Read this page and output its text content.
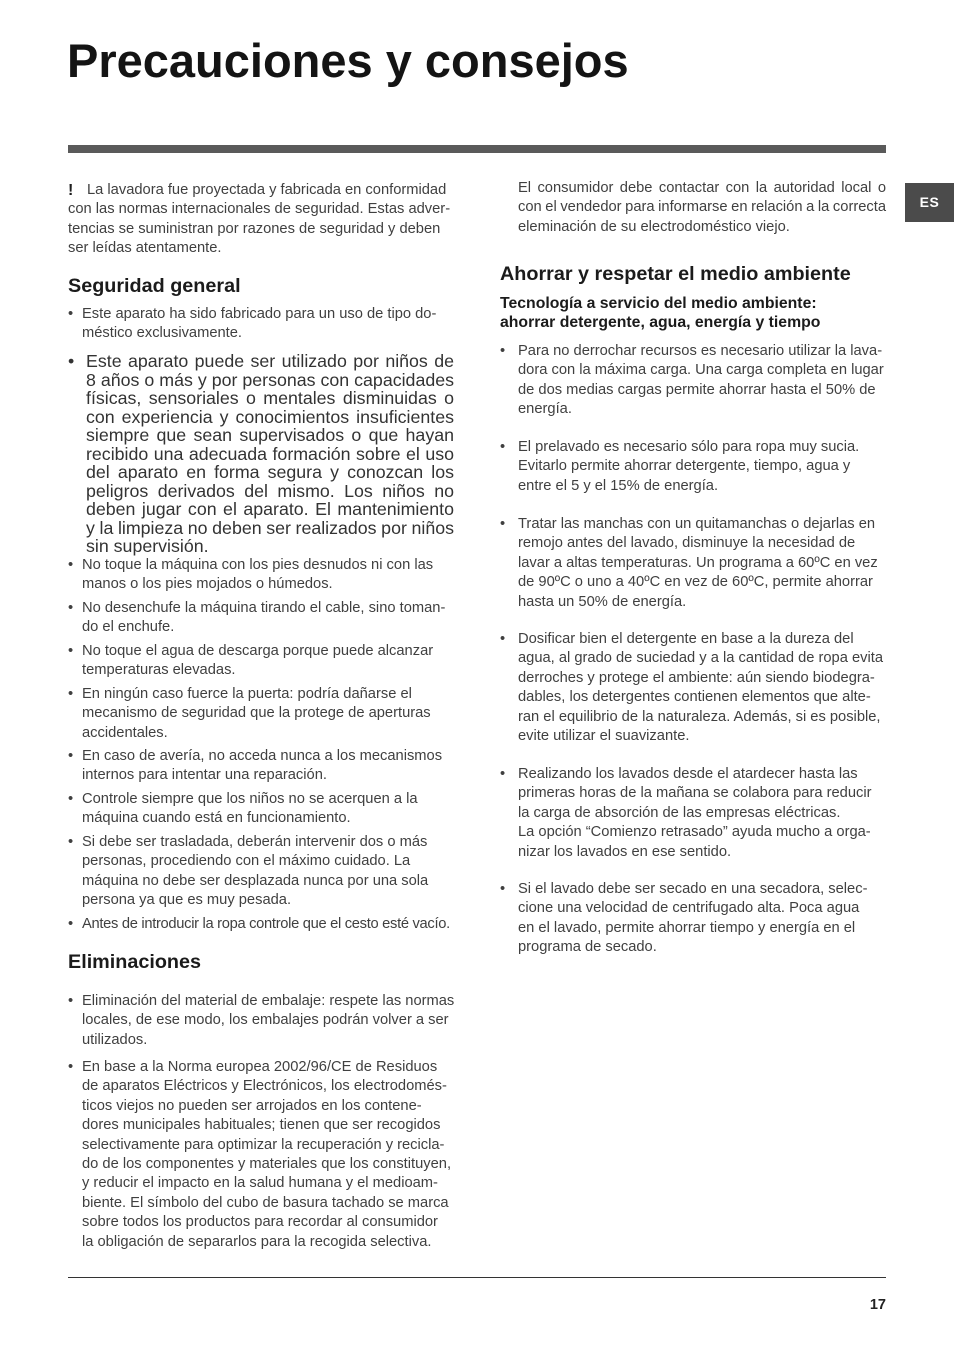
Precauciones y consejos
ES
! La lavadora fue proyectada y fabricada en conformidad
con las normas internacionales de seguridad. Estas adver-
tencias se suministran por razones de seguridad y deben
ser leídas atentamente.
Seguridad general
• Este aparato ha sido fabricado para un uso de tipo do-
méstico exclusivamente.
• Este aparato puede ser utilizado por niños de
8 años o más y por personas con capacidades
físicas, sensoriales o mentales disminuidas o
con experiencia y conocimientos insuficientes
siempre que sean supervisados o que hayan
recibido una adecuada formación sobre el uso
del aparato en forma segura y conozcan los
peligros derivados del mismo. Los niños no
deben jugar con el aparato. El mantenimiento
y la limpieza no deben ser realizados por niños
sin supervisión.
• No toque la máquina con los pies desnudos ni con las
manos o los pies mojados o húmedos.
• No desenchufe la máquina tirando el cable, sino toman-
do el enchufe.
• No toque el agua de descarga porque puede alcanzar
temperaturas elevadas.
• En ningún caso fuerce la puerta: podría dañarse el
mecanismo de seguridad que la protege de aperturas
accidentales.
• En caso de avería, no acceda nunca a los mecanismos
internos para intentar una reparación.
• Controle siempre que los niños no se acerquen a la
máquina cuando está en funcionamiento.
• Si debe ser trasladada, deberán intervenir dos o más
personas, procediendo con el máximo cuidado. La
máquina no debe ser desplazada nunca por una sola
persona ya que es muy pesada.
• Antes de introducir la ropa controle que el cesto esté vacío.
Eliminaciones
• Eliminación del material de embalaje: respete las normas
locales, de ese modo, los embalajes podrán volver a ser
utilizados.
• En base a la Norma europea 2002/96/CE de Residuos
de aparatos Eléctricos y Electrónicos, los electrodomés-
ticos viejos no pueden ser arrojados en los contene-
dores municipales habituales; tienen que ser recogidos
selectivamente para optimizar la recuperación y recicla-
do de los componentes y materiales que los constituyen,
y reducir el impacto en la salud humana y el medioam-
biente. El símbolo del cubo de basura tachado se marca
sobre todos los productos para recordar al consumidor
la obligación de separarlos para la recogida selectiva.
El consumidor debe contactar con la autoridad local o
con el vendedor para informarse en relación a la correcta
eleminación de su electrodoméstico viejo.
Ahorrar y respetar el medio ambiente
Tecnología a servicio del medio ambiente:
ahorrar detergente, agua, energía y tiempo
• Para no derrochar recursos es necesario utilizar la lava-
dora con la máxima carga. Una carga completa en lugar
de dos medias cargas permite ahorrar hasta el 50% de
energía.
• El prelavado es necesario sólo para ropa muy sucia.
Evitarlo permite ahorrar detergente, tiempo, agua y
entre el 5 y el 15% de energía.
• Tratar las manchas con un quitamanchas o dejarlas en
remojo antes del lavado, disminuye la necesidad de
lavar a altas temperaturas. Un programa a 60ºC en vez
de 90ºC o uno a 40ºC en vez de 60ºC, permite ahorrar
hasta un 50% de energía.
• Dosificar bien el detergente en base a la dureza del
agua, al grado de suciedad y a la cantidad de ropa evita
derroches y protege el ambiente: aún siendo biodegra-
dables, los detergentes contienen elementos que alte-
ran el equilibrio de la naturaleza. Además, si es posible,
evite utilizar el suavizante.
• Realizando los lavados desde el atardecer hasta las
primeras horas de la mañana se colabora para reducir
la carga de absorción de las empresas eléctricas.
La opción “Comienzo retrasado” ayuda mucho a orga-
nizar los lavados en ese sentido.
• Si el lavado debe ser secado en una secadora, selec-
cione una velocidad de centrifugado alta. Poca agua
en el lavado, permite ahorrar tiempo y energía en el
programa de secado.
17
